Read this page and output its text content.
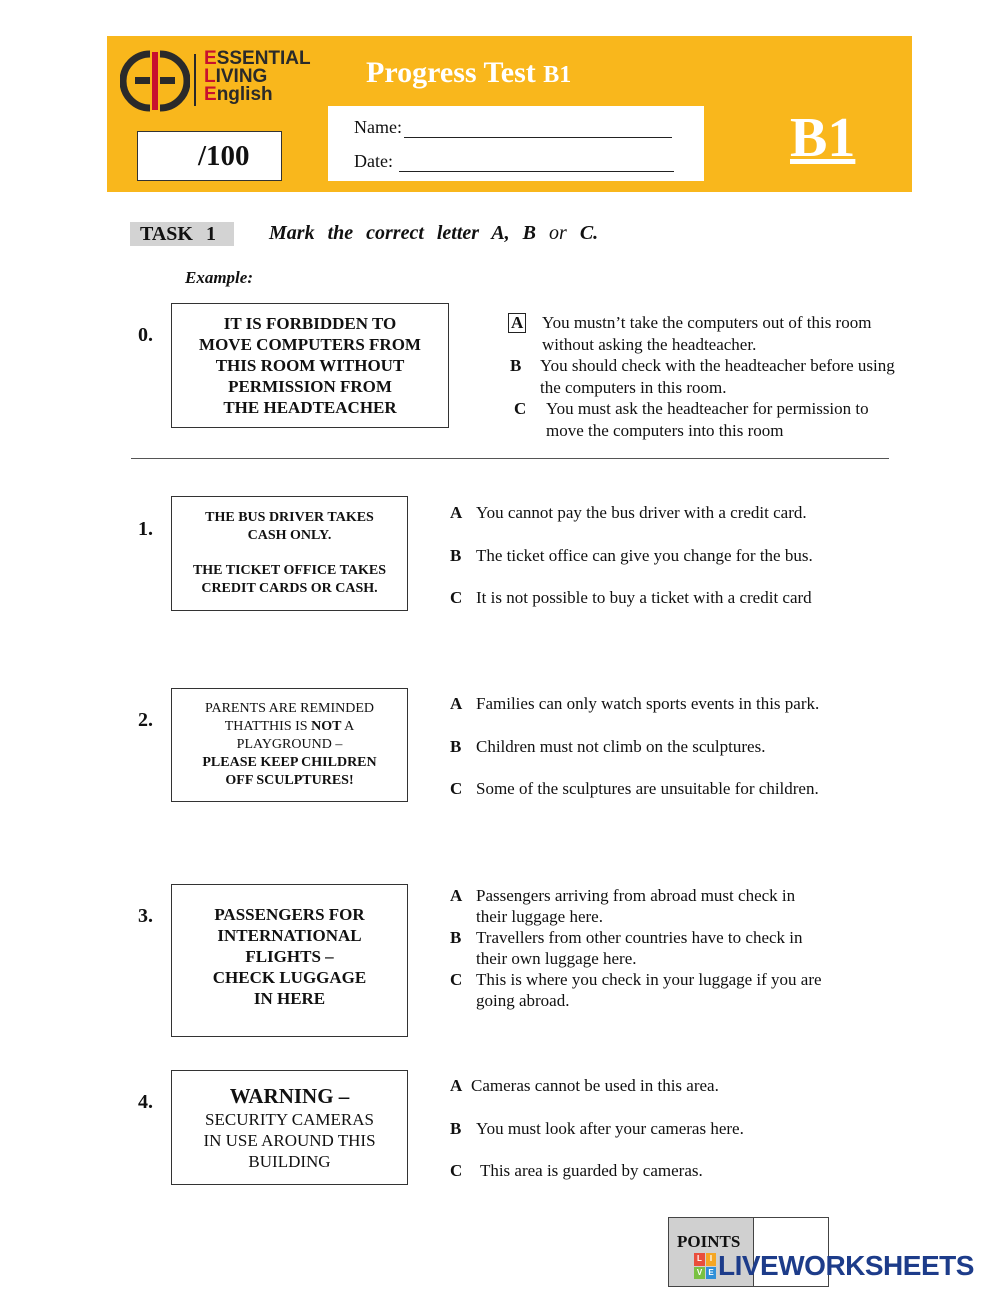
ESSENTIAL
LIVING
English
/100
Progress Test B1
Name:
Date:	B1
TASK 1	Mark the correct letter A, B or C.
Example:
0.
IT IS FORBIDDEN TO
MOVE COMPUTERS FROM
THIS ROOM WITHOUT
PERMISSION FROM
THE HEADTEACHER
A	You mustn’t take the computers out of this room without asking the headteacher.
B	You should check with the headteacher before using the computers in this room.
C	You must ask the headteacher for permission to move the computers into this room
1.
THE BUS DRIVER TAKES
CASH ONLY.
THE TICKET OFFICE TAKES
CREDIT CARDS OR CASH.
A You cannot pay the bus driver with a credit card.
B The ticket office can give you change for the bus.
C It is not possible to buy a ticket with a credit card
2.
PARENTS ARE REMINDED
THATTHIS IS NOT A
PLAYGROUND –
PLEASE KEEP CHILDREN
OFF SCULPTURES!
A Families can only watch sports events in this park.
B Children must not climb on the sculptures.
C Some of the sculptures are unsuitable for children.
3.	PASSENGERS FOR
INTERNATIONAL
FLIGHTS –
CHECK LUGGAGE
IN HERE
A Passengers arriving from abroad must check in their luggage here.
B Travellers from other countries have to check in their own luggage here.
C This is where you check in your luggage if you are going abroad.
4.	WARNING –
SECURITY CAMERAS
IN USE AROUND THIS
BUILDING
A Cameras cannot be used in this area.
B You must look after your cameras here.
C This area is guarded by cameras.
POINTS
L	I
V E LIVEWORKSHEETS
